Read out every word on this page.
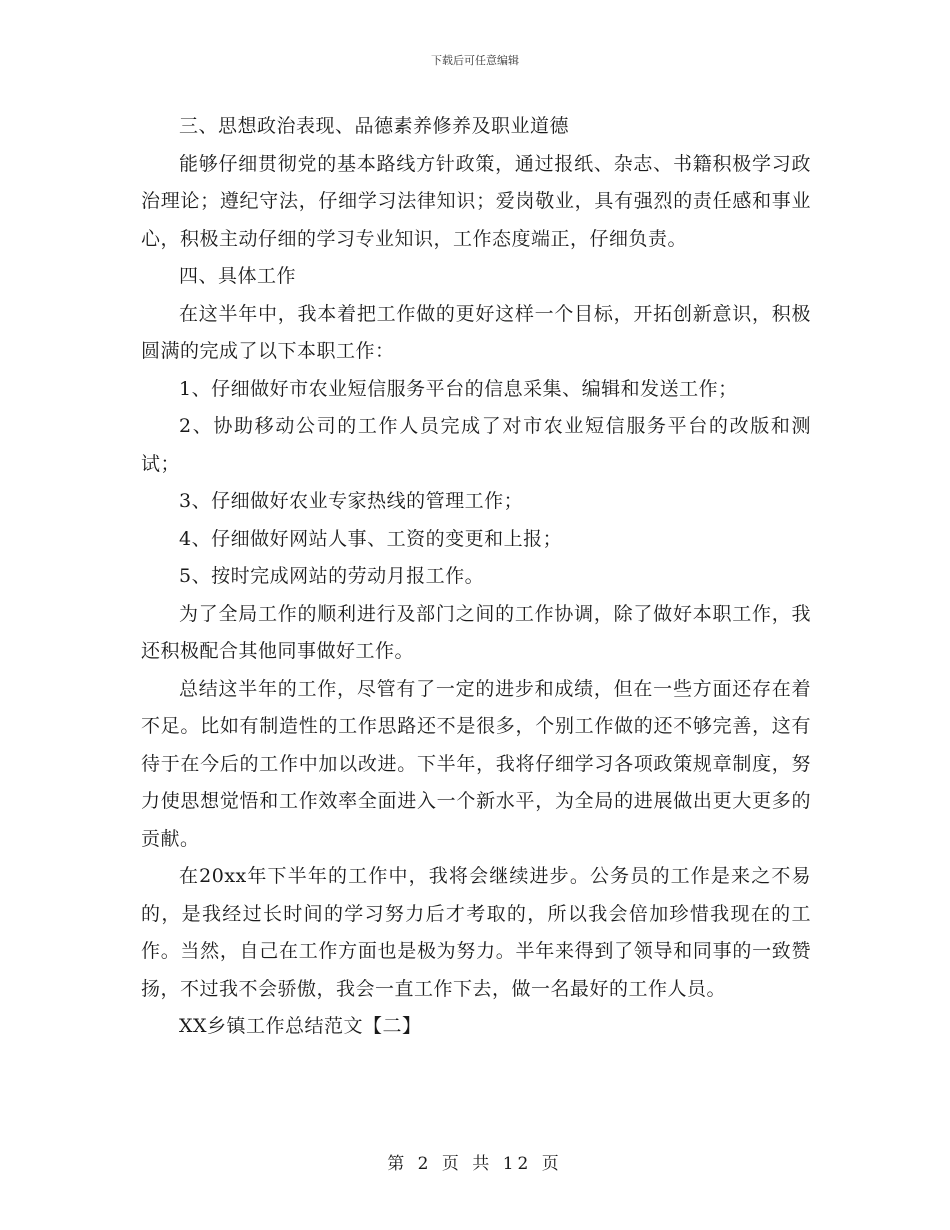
下载后可任意编辑

三、思想政治表现、品德素养修养及职业道德

能够仔细贯彻党的基本路线方针政策，通过报纸、杂志、书籍积极学习政治理论；遵纪守法，仔细学习法律知识；爱岗敬业，具有强烈的责任感和事业心，积极主动仔细的学习专业知识，工作态度端正，仔细负责。

四、具体工作

在这半年中，我本着把工作做的更好这样一个目标，开拓创新意识，积极圆满的完成了以下本职工作：

1、仔细做好市农业短信服务平台的信息采集、编辑和发送工作；

2、协助移动公司的工作人员完成了对市农业短信服务平台的改版和测试；

3、仔细做好农业专家热线的管理工作；

4、仔细做好网站人事、工资的变更和上报；

5、按时完成网站的劳动月报工作。

为了全局工作的顺利进行及部门之间的工作协调，除了做好本职工作，我还积极配合其他同事做好工作。

总结这半年的工作，尽管有了一定的进步和成绩，但在一些方面还存在着不足。比如有制造性的工作思路还不是很多，个别工作做的还不够完善，这有待于在今后的工作中加以改进。下半年，我将仔细学习各项政策规章制度，努力使思想觉悟和工作效率全面进入一个新水平，为全局的进展做出更大更多的贡献。

在20xx年下半年的工作中，我将会继续进步。公务员的工作是来之不易的，是我经过长时间的学习努力后才考取的，所以我会倍加珍惜我现在的工作。当然，自己在工作方面也是极为努力。半年来得到了领导和同事的一致赞扬，不过我不会骄傲，我会一直工作下去，做一名最好的工作人员。

XX乡镇工作总结范文【二】

第 2 页 共 12 页
